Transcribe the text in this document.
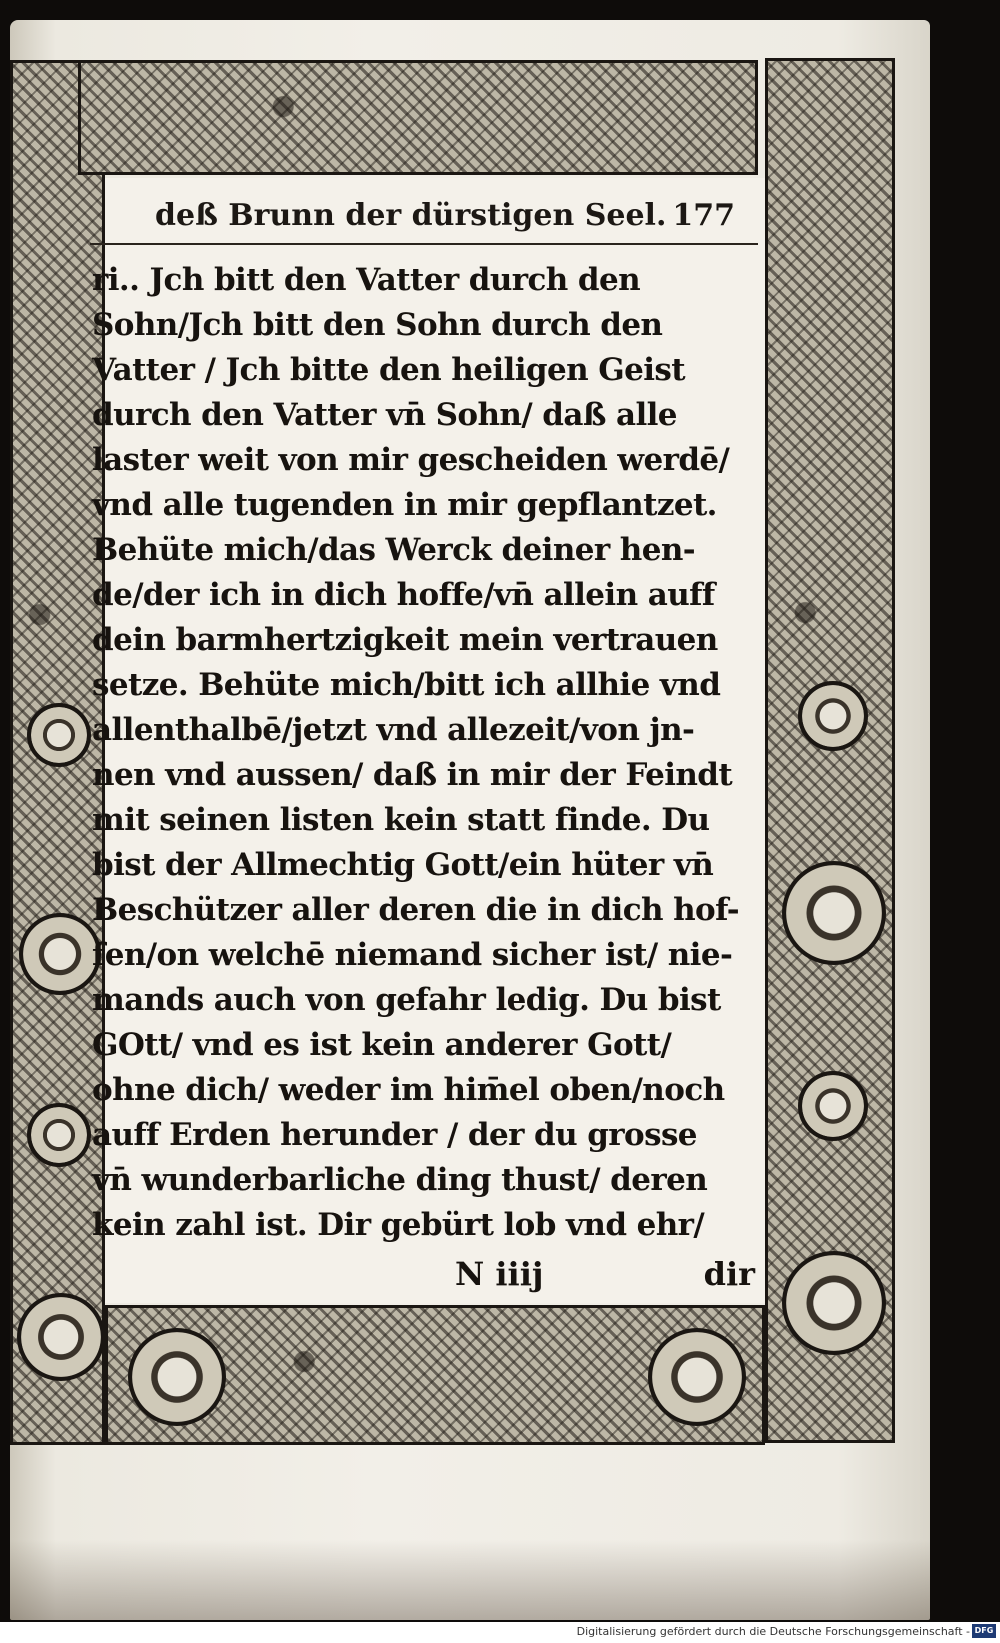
deß Brunn der dürstigen Seel. 177
ri.. Jch bitt den Vatter durch den
Sohn/Jch bitt den Sohn durch den
Vatter / Jch bitte den heiligen Geist
durch den Vatter vn̄ Sohn/ daß alle
laster weit von mir gescheiden werdē/
vnd alle tugenden in mir gepflantzet.
Behüte mich/das Werck deiner hen-
de/der ich in dich hoffe/vn̄ allein auff
dein barmhertzigkeit mein vertrauen
setze. Behüte mich/bitt ich allhie vnd
allenthalbē/jetzt vnd allezeit/von jn-
nen vnd aussen/ daß in mir der Feindt
mit seinen listen kein statt finde. Du
bist der Allmechtig Gott/ein hüter vn̄
Beschützer aller deren die in dich hof-
fen/on welchē niemand sicher ist/ nie-
mands auch von gefahr ledig. Du bist
GOtt/ vnd es ist kein anderer Gott/
ohne dich/ weder im him̄el oben/noch
auff Erden herunder / der du grosse
vn̄ wunderbarliche ding thust/ deren
kein zahl ist. Dir gebürt lob vnd ehr/
N iiij	dir
Digitalisierung gefördert durch die Deutsche Forschungsgemeinschaft - DFG
